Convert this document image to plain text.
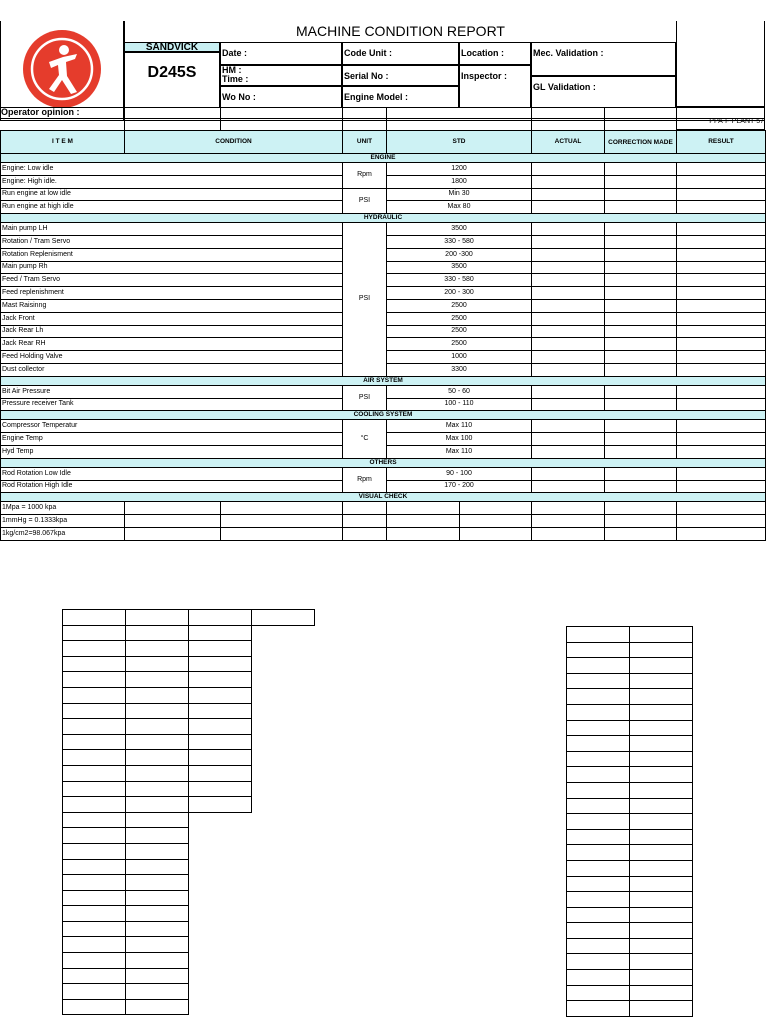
MACHINE CONDITION REPORT
SANDVICK
D245S
Date :	Code Unit :	Location :	Mec. Validation :
HM :
Time :	Serial No :	Inspector :
GL Validation :
Wo No :	Engine Model :
Operator opinion :
PPA-F-PLANT-57
I T E M	CONDITION		UNIT	STD		ACTUAL	CORRECTION MADE	RESULT
ENGINE								
Engine: Low idle			Rpm	1200				
Engine: High idle.				1800				
Run engine at low idle			PSI	Min 30				
Run engine at high idle				Max 80				
HYDRAULIC								
Main pump LH			PSI	3500				
Rotation / Tram Servo				330 - 580				
Rotation Replenisment				200 -300				
Main pump Rh				3500				
Feed / Tram Servo				330 - 580				
Feed replenishment				200 - 300				
Mast Raisinng				2500				
Jack Front				2500				
Jack Rear Lh				2500				
Jack Rear RH				2500				
Feed Holding Valve				1000				
Dust collector				3300				
AIR SYSTEM								
Bit Air Pressure			PSI	50 - 60				
Pressure receiver Tank				100 - 110				
COOLING SYSTEM								
Compressor Temperatur			°C	Max 110				
Engine Temp				Max 100				
Hyd Temp				Max 110				
OTHERS								
Rod Rotation Low Idle			Rpm	90 - 100				
Rod Rotation High Idle				170 - 200				
VISUAL CHECK								
1Mpa = 1000 kpa								
1mmHg = 0.1333kpa								
1kg/cm2=98.067kpa								
